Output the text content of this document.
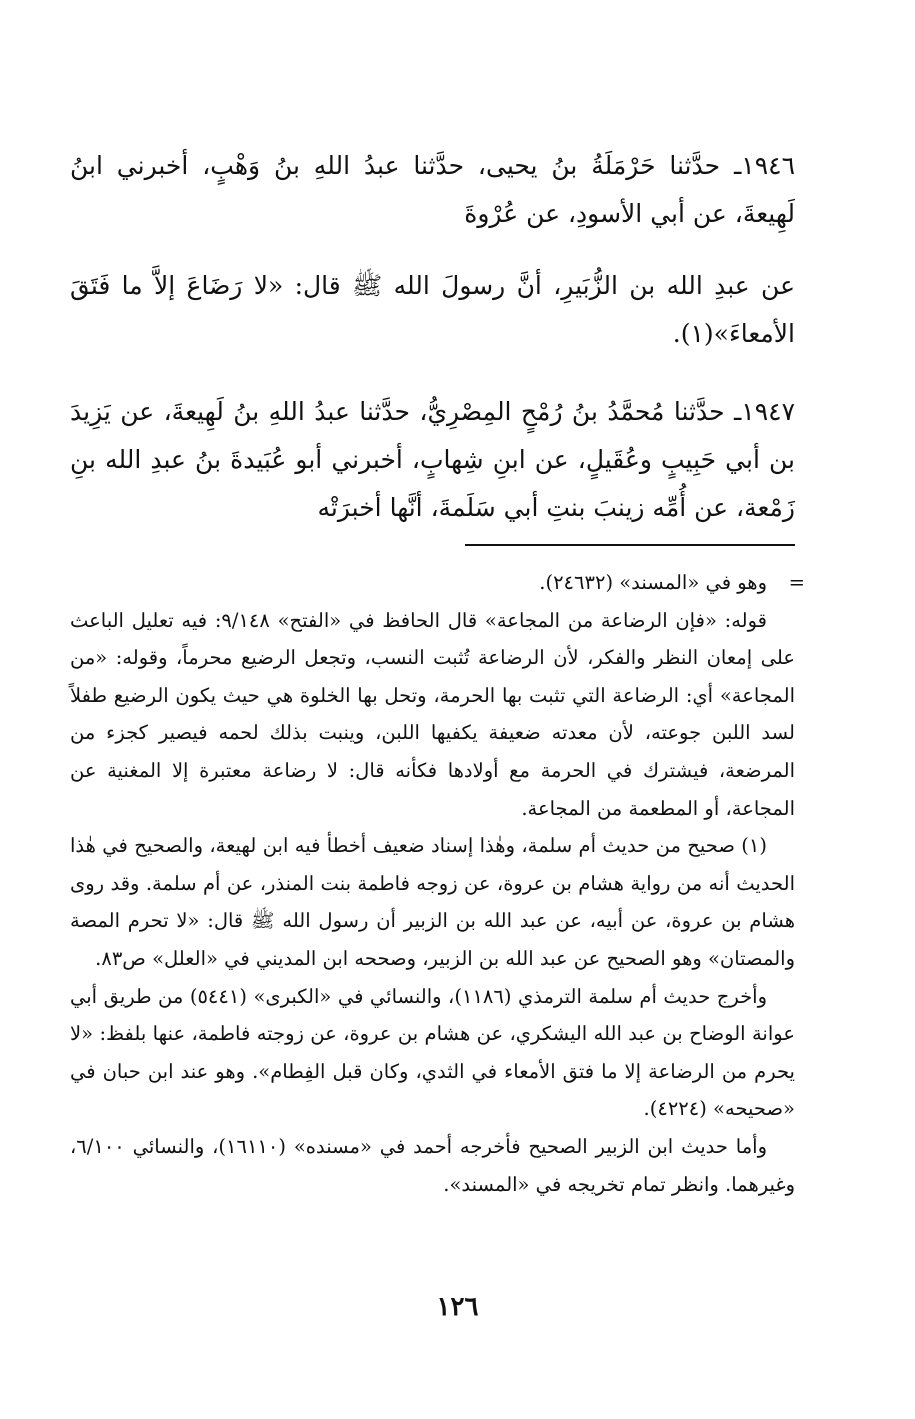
١٩٤٦ـ حدَّثنا حَرْمَلَةُ بنُ يحيى، حدَّثنا عبدُ اللهِ بنُ وَهْبٍ، أخبرني ابنُ لَهِيعةَ، عن أبي الأسودِ، عن عُرْوةَ

عن عبدِ الله بن الزُّبَيرِ، أنَّ رسولَ الله ﷺ قال: «لا رَضَاعَ إلاَّ ما فَتَقَ الأمعاءَ»(١).

١٩٤٧ـ حدَّثنا مُحمَّدُ بنُ رُمْحٍ المِصْرِيُّ، حدَّثنا عبدُ اللهِ بنُ لَهِيعةَ، عن يَزِيدَ بن أبي حَبِيبٍ وعُقَيلٍ، عن ابنِ شِهابٍ، أخبرني أبو عُبَيدةَ بنُ عبدِ الله بنِ زَمْعة، عن أُمِّه زينبَ بنتِ أبي سَلَمةَ، أنَّها أخبرَتْه

=
وهو في «المسند» (٢٤٦٣٢).

قوله: «فإن الرضاعة من المجاعة» قال الحافظ في «الفتح» ٩/١٤٨: فيه تعليل الباعث على إمعان النظر والفكر، لأن الرضاعة تُثبت النسب، وتجعل الرضيع محرماً، وقوله: «من المجاعة» أي: الرضاعة التي تثبت بها الحرمة، وتحل بها الخلوة هي حيث يكون الرضيع طفلاً لسد اللبن جوعته، لأن معدته ضعيفة يكفيها اللبن، وينبت بذلك لحمه فيصير كجزء من المرضعة، فيشترك في الحرمة مع أولادها فكأنه قال: لا رضاعة معتبرة إلا المغنية عن المجاعة، أو المطعمة من المجاعة.

(١) صحيح من حديث أم سلمة، وهٰذا إسناد ضعيف أخطأ فيه ابن لهيعة، والصحيح في هٰذا الحديث أنه من رواية هشام بن عروة، عن زوجه فاطمة بنت المنذر، عن أم سلمة. وقد روى هشام بن عروة، عن أبيه، عن عبد الله بن الزبير أن رسول الله ﷺ قال: «لا تحرم المصة والمصتان» وهو الصحيح عن عبد الله بن الزبير، وصححه ابن المديني في «العلل» ص٨٣.

وأخرج حديث أم سلمة الترمذي (١١٨٦)، والنسائي في «الكبرى» (٥٤٤١) من طريق أبي عوانة الوضاح بن عبد الله اليشكري، عن هشام بن عروة، عن زوجته فاطمة، عنها بلفظ: «لا يحرم من الرضاعة إلا ما فتق الأمعاء في الثدي، وكان قبل الفِطام». وهو عند ابن حبان في «صحيحه» (٤٢٢٤).

وأما حديث ابن الزبير الصحيح فأخرجه أحمد في «مسنده» (١٦١١٠)، والنسائي ٦/١٠٠، وغيرهما. وانظر تمام تخريجه في «المسند».

١٢٦
